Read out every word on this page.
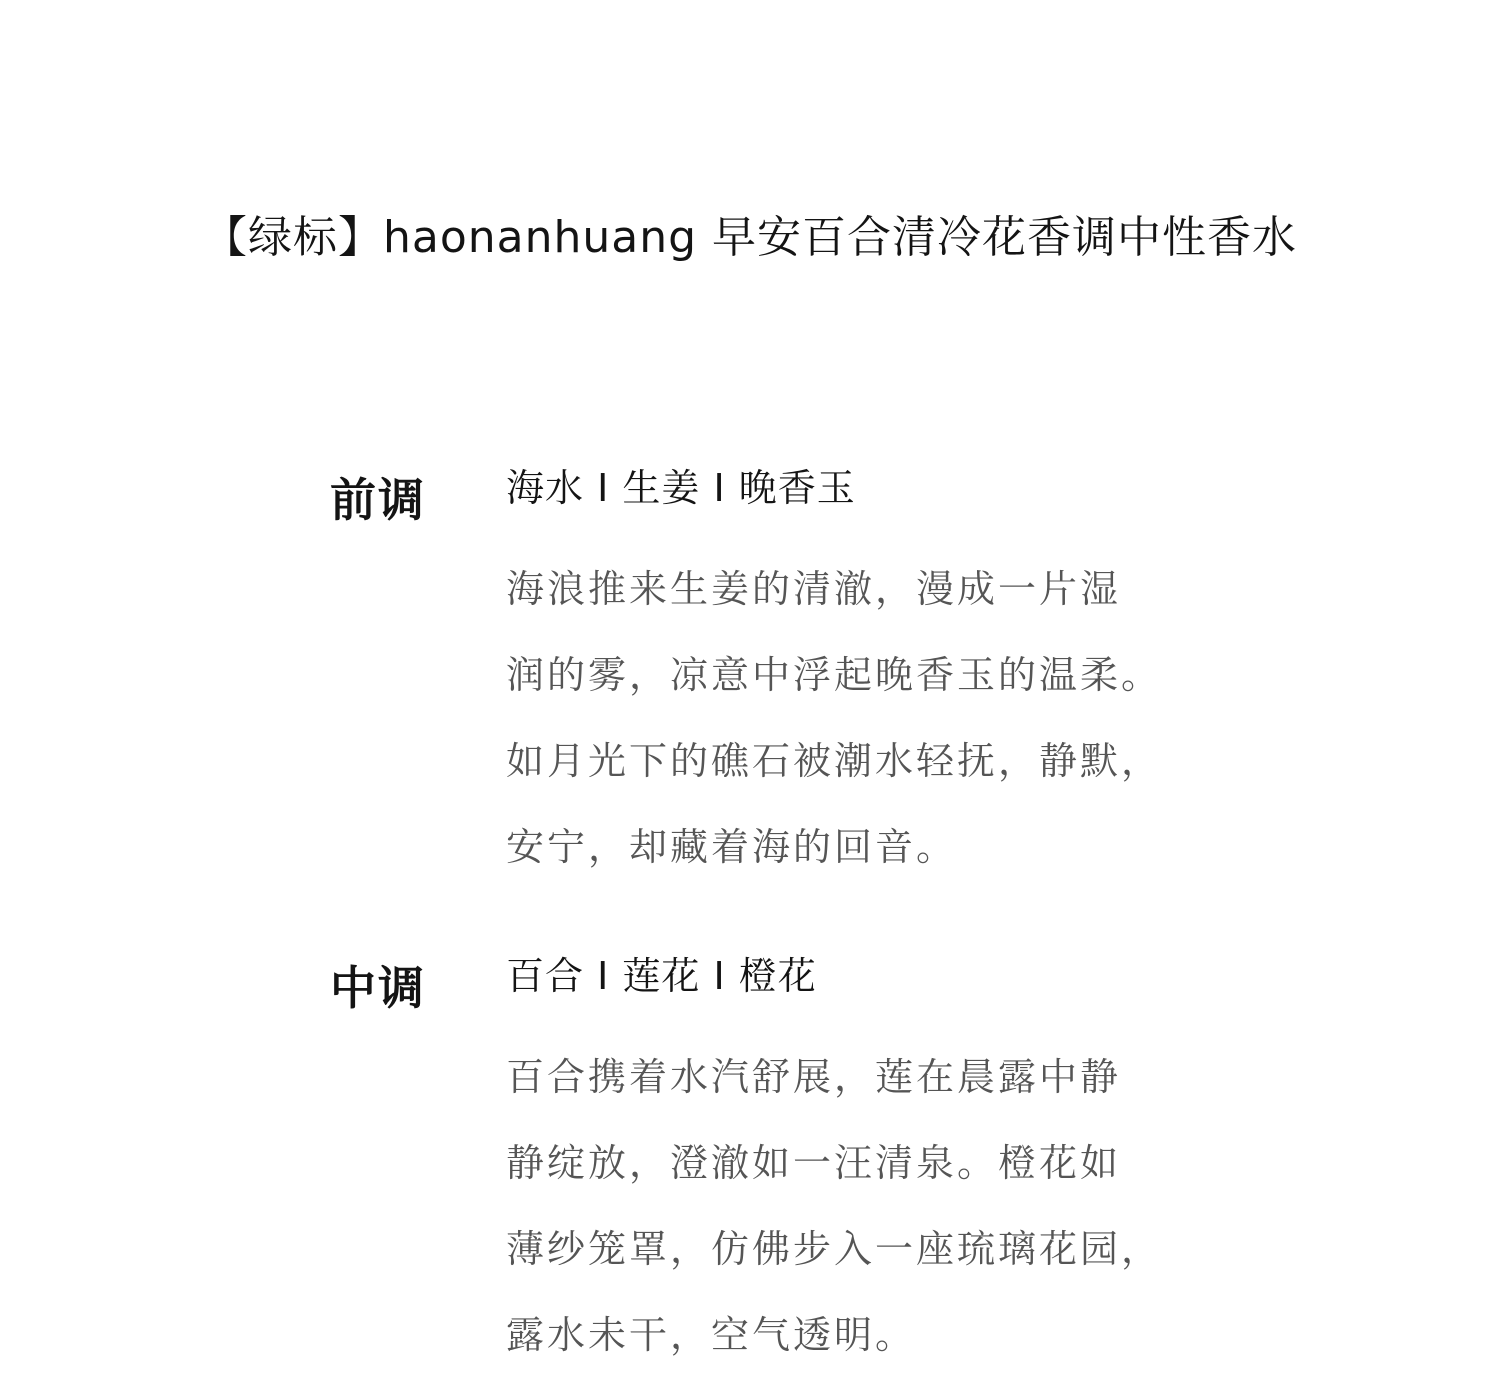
【绿标】haonanhuang 早安百合清冷花香调中性香水
前调 海水 I 生姜 I 晚香玉
海浪推来生姜的清澈，漫成一片湿
润的雾，凉意中浮起晚香玉的温柔。
如月光下的礁石被潮水轻抚，静默，
安宁，却藏着海的回音。
中调 百合 I 莲花 I 橙花
百合携着水汽舒展，莲在晨露中静
静绽放，澄澈如一汪清泉。橙花如
薄纱笼罩，仿佛步入一座琉璃花园，
露水未干，空气透明。
